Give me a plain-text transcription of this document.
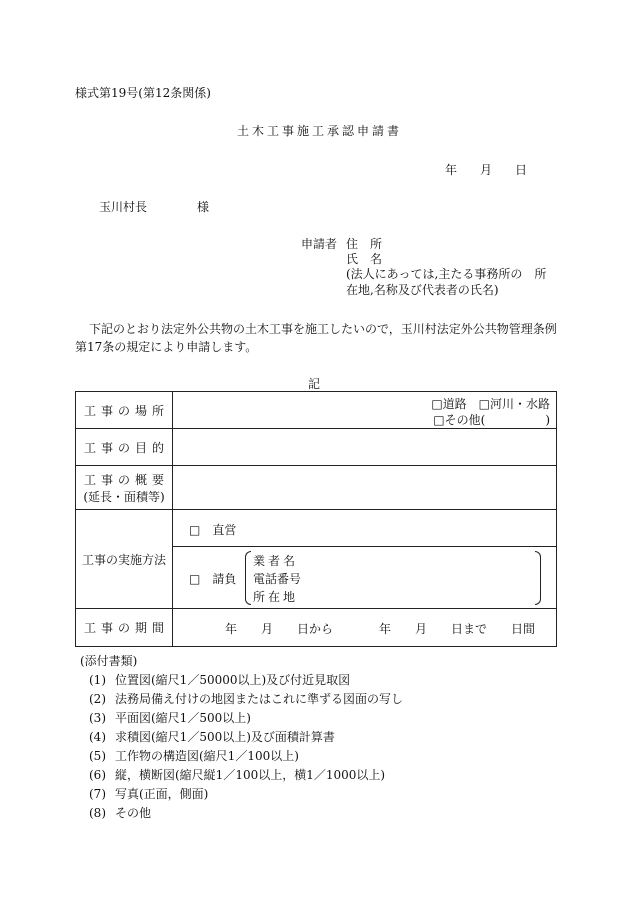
様式第19号(第12条関係)
土木工事施工承認申請書
年 月 日
玉川村長	様
申請者 住　所
氏　名
(法人にあっては,主たる事務所の　所
在地,名称及び代表者の氏名)
下記のとおり法定外公共物の土木工事を施工したいので，玉川村法定外公共物管理条例
第17条の規定により申請します。
記
工事の場所	□道路　□河川・水路
□その他(　　　　　)

工事の目的	

工事の概要
(延長・面積等)	

工事の実施方法	□　直営
□　請負
業者名
電話番号
所在地

工事の期間	年　　月　　日から 年　　月　　日まで　　日間
(添付書類)
(1) 位置図(縮尺1／50000以上)及び付近見取図
(2) 法務局備え付けの地図またはこれに準ずる図面の写し
(3) 平面図(縮尺1／500以上)
(4) 求積図(縮尺1／500以上)及び面積計算書
(5) 工作物の構造図(縮尺1／100以上)
(6) 縦，横断図(縮尺縦1／100以上，横1／1000以上)
(7) 写真(正面，側面)
(8) その他
